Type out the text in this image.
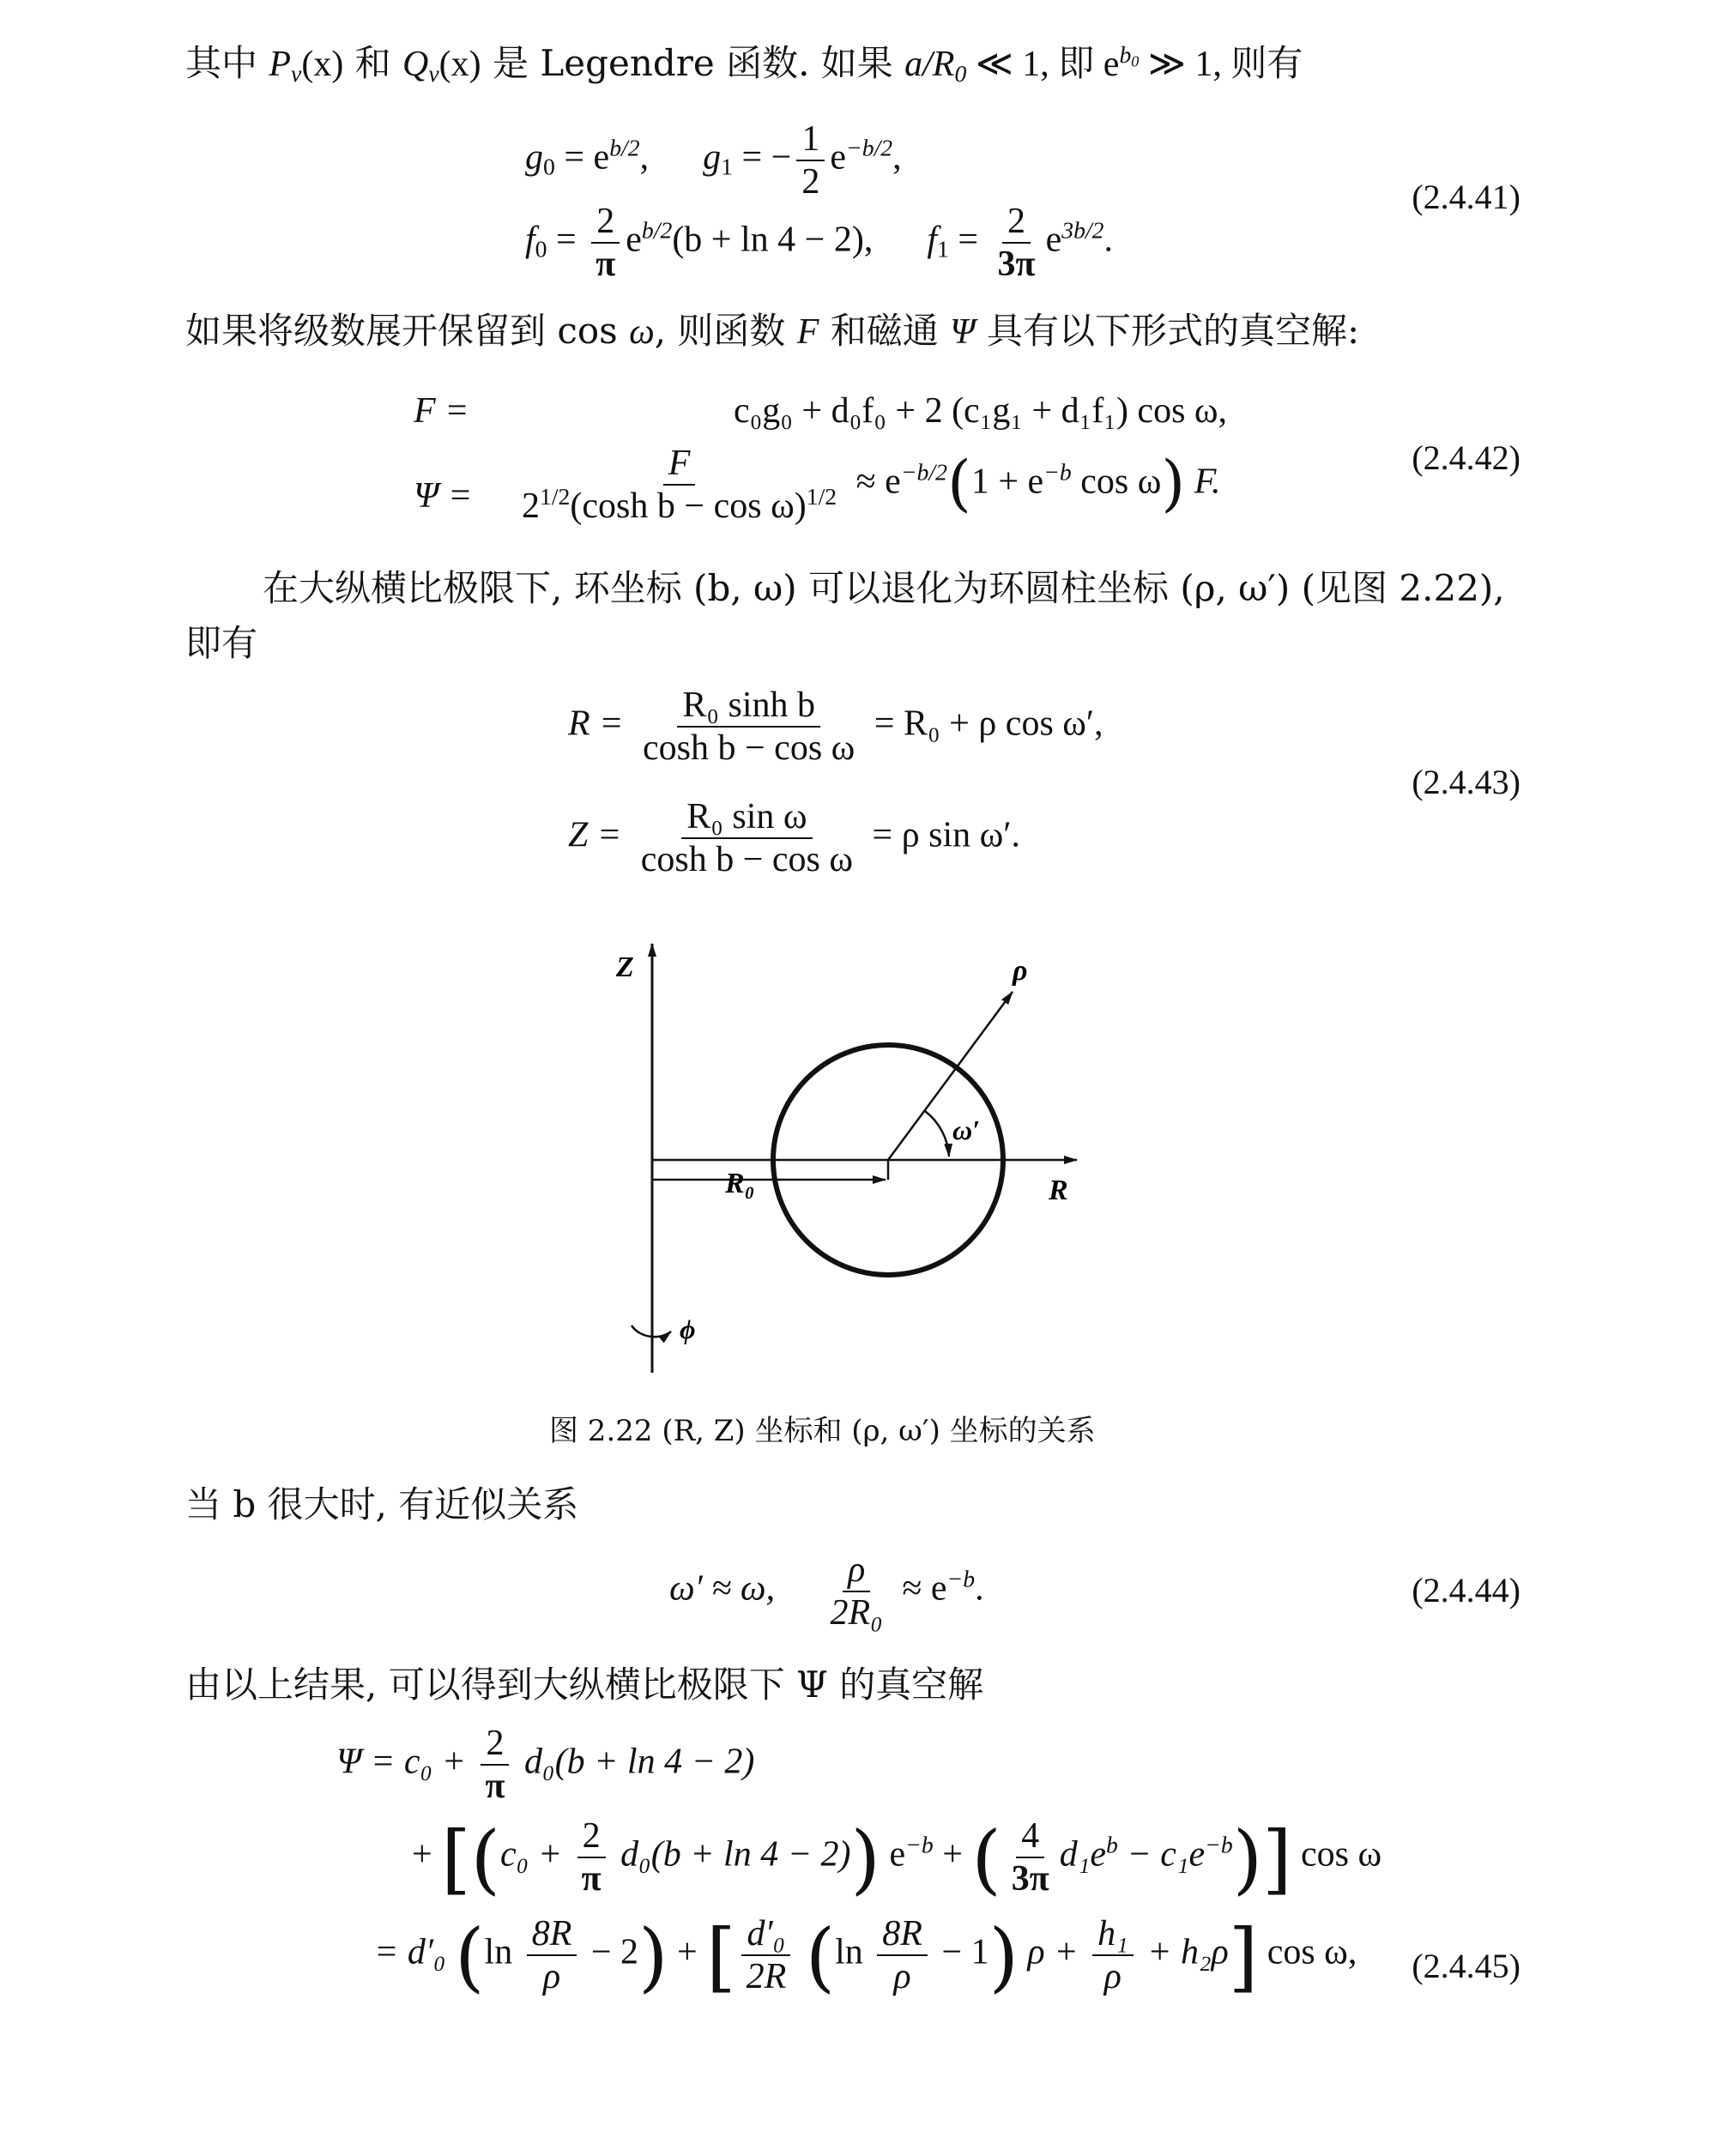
其中 $P_v(x)$ 和 $Q_v(x)$ 是 Legendre 函数. 如果 $a/R_0$ ≪ 1, 即 $e^{b_0}$ ≫ 1, 则有
$g_0 = e^{b/2}$,      $g_1$ = − $\frac{1}{2} e^{-b/2}$,
$f_0 = \frac{2}{\pi} e^{b/2}(b + \ln 4 - 2)$, $f_1 = \frac{2}{3\pi} e^{3b/2}$.
(2.4.41)
如果将级数展开保留到 cos ω, 则函数 F 和磁通 Ψ 具有以下形式的真空解:
F =	c₀g₀ + d₀f₀ + 2 (c₁g₁ + d₁f₁) cos ω,
$\Psi = \frac{F}{2^{1/2}(\cosh b - \cos \omega)^{1/2}} \approx e^{-b/2}(1 + e^{-b}$ cos ω) F.
(2.4.42)
在大纵横比极限下, 环坐标 (b, ω) 可以退化为环圆柱坐标 (ρ, ω′) (见图 2.22),
即有
$R = \frac{\text{R₀ sinh b}}{\text{cosh b − cos ω}} = R_0 + \rho$ cos ω′,
$Z = \frac{\text{R₀ sin ω}}{\text{cosh b − cos ω}} = \rho$ sin ω′.
(2.4.43)
Z
R
R₀
ρ
ω′
ϕ
图 2.22 (R, Z) 坐标和 (ρ, ω′) 坐标的关系
当 b 很大时, 有近似关系
ω′ ≈ ω, $\frac{\rho}{\text{2R₀}} \approx e^{-b}$.	(2.4.44)
由以上结果, 可以得到大纵横比极限下 Ψ 的真空解
$\Psi = c_0 + \frac{2}{\pi} d_0(b + \ln 4 - 2)$
+ [$(c_0 + \frac{2}{\pi} d_0(b + \ln 4 - 2))$ $e^{-b}$ + ( $\frac{4}{3\pi} d_1e^b - c_1e^{-b}$)] cos ω
= d′₀ $(\ln \frac{8R}{\rho} - 2)$ + [ $\frac{\text{d′₀}}{2R} (\ln \frac{8R}{\rho} - 1) \rho + \frac{\text{h₁}}{\rho} + h_2\rho$] cos ω, (2.4.45)
